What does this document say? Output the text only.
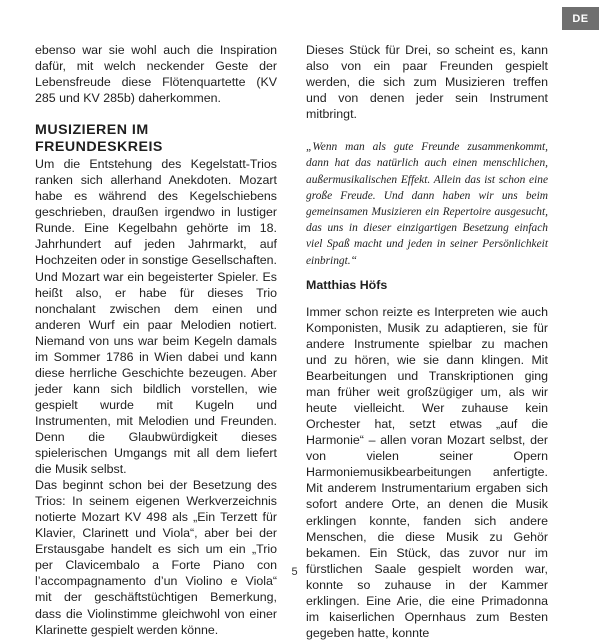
DE

ebenso war sie wohl auch die Inspiration dafür, mit welch neckender Geste der Lebensfreude diese Flötenquartette (KV 285 und KV 285b) daherkommen.

MUSIZIEREN IM FREUNDESKREIS

Um die Entstehung des Kegelstatt-Trios ranken sich allerhand Anekdoten. Mozart habe es während des Kegelschiebens geschrieben, draußen irgendwo in lustiger Runde. Eine Kegelbahn gehörte im 18. Jahrhundert auf jeden Jahrmarkt, auf Hochzeiten oder in sonstige Gesellschaften. Und Mozart war ein begeisterter Spieler. Es heißt also, er habe für dieses Trio nonchalant zwischen dem einen und anderen Wurf ein paar Melodien notiert. Niemand von uns war beim Kegeln damals im Sommer 1786 in Wien dabei und kann diese herrliche Geschichte bezeugen. Aber jeder kann sich bildlich vorstellen, wie gespielt wurde mit Kugeln und Instrumenten, mit Melodien und Freunden. Denn die Glaubwürdigkeit dieses spielerischen Umgangs mit all dem liefert die Musik selbst.

Das beginnt schon bei der Besetzung des Trios: In seinem eigenen Werkverzeichnis notierte Mozart KV 498 als „Ein Terzett für Klavier, Clarinett und Viola“, aber bei der Erstausgabe handelt es sich um ein „Trio per Clavicembalo a Forte Piano con l’accompagnamento d’un Violino e Viola“ mit der geschäftstüchtigen Bemerkung, dass die Violinstimme gleichwohl von einer Klarinette gespielt werden könne.

Dieses Stück für Drei, so scheint es, kann also von ein paar Freunden gespielt werden, die sich zum Musizieren treffen und von denen jeder sein Instrument mitbringt.

„Wenn man als gute Freunde zusammenkommt, dann hat das natürlich auch einen menschlichen, außermusikalischen Effekt. Allein das ist schon eine große Freude. Und dann haben wir uns beim gemeinsamen Musizieren ein Repertoire ausgesucht, das uns in dieser einzigartigen Besetzung einfach viel Spaß macht und jeden in seiner Persönlichkeit einbringt.“

Matthias Höfs

Immer schon reizte es Interpreten wie auch Komponisten, Musik zu adaptieren, sie für andere Instrumente spielbar zu machen und zu hören, wie sie dann klingen. Mit Bearbeitungen und Transkriptionen ging man früher weit großzügiger um, als wir heute vielleicht. Wer zuhause kein Orchester hat, setzt etwas „auf die Harmonie“ – allen voran Mozart selbst, der von vielen seiner Opern Harmoniemusikbearbeitungen anfertigte. Mit anderem Instrumentarium ergaben sich sofort andere Orte, an denen die Musik erklingen konnte, fanden sich andere Menschen, die diese Musik zu Gehör bekamen. Ein Stück, das zuvor nur im fürstlichen Saale gespielt worden war, konnte so zuhause in der Kammer erklingen. Eine Arie, die eine Primadonna im kaiserlichen Opernhaus zum Besten gegeben hatte, konnte

5
